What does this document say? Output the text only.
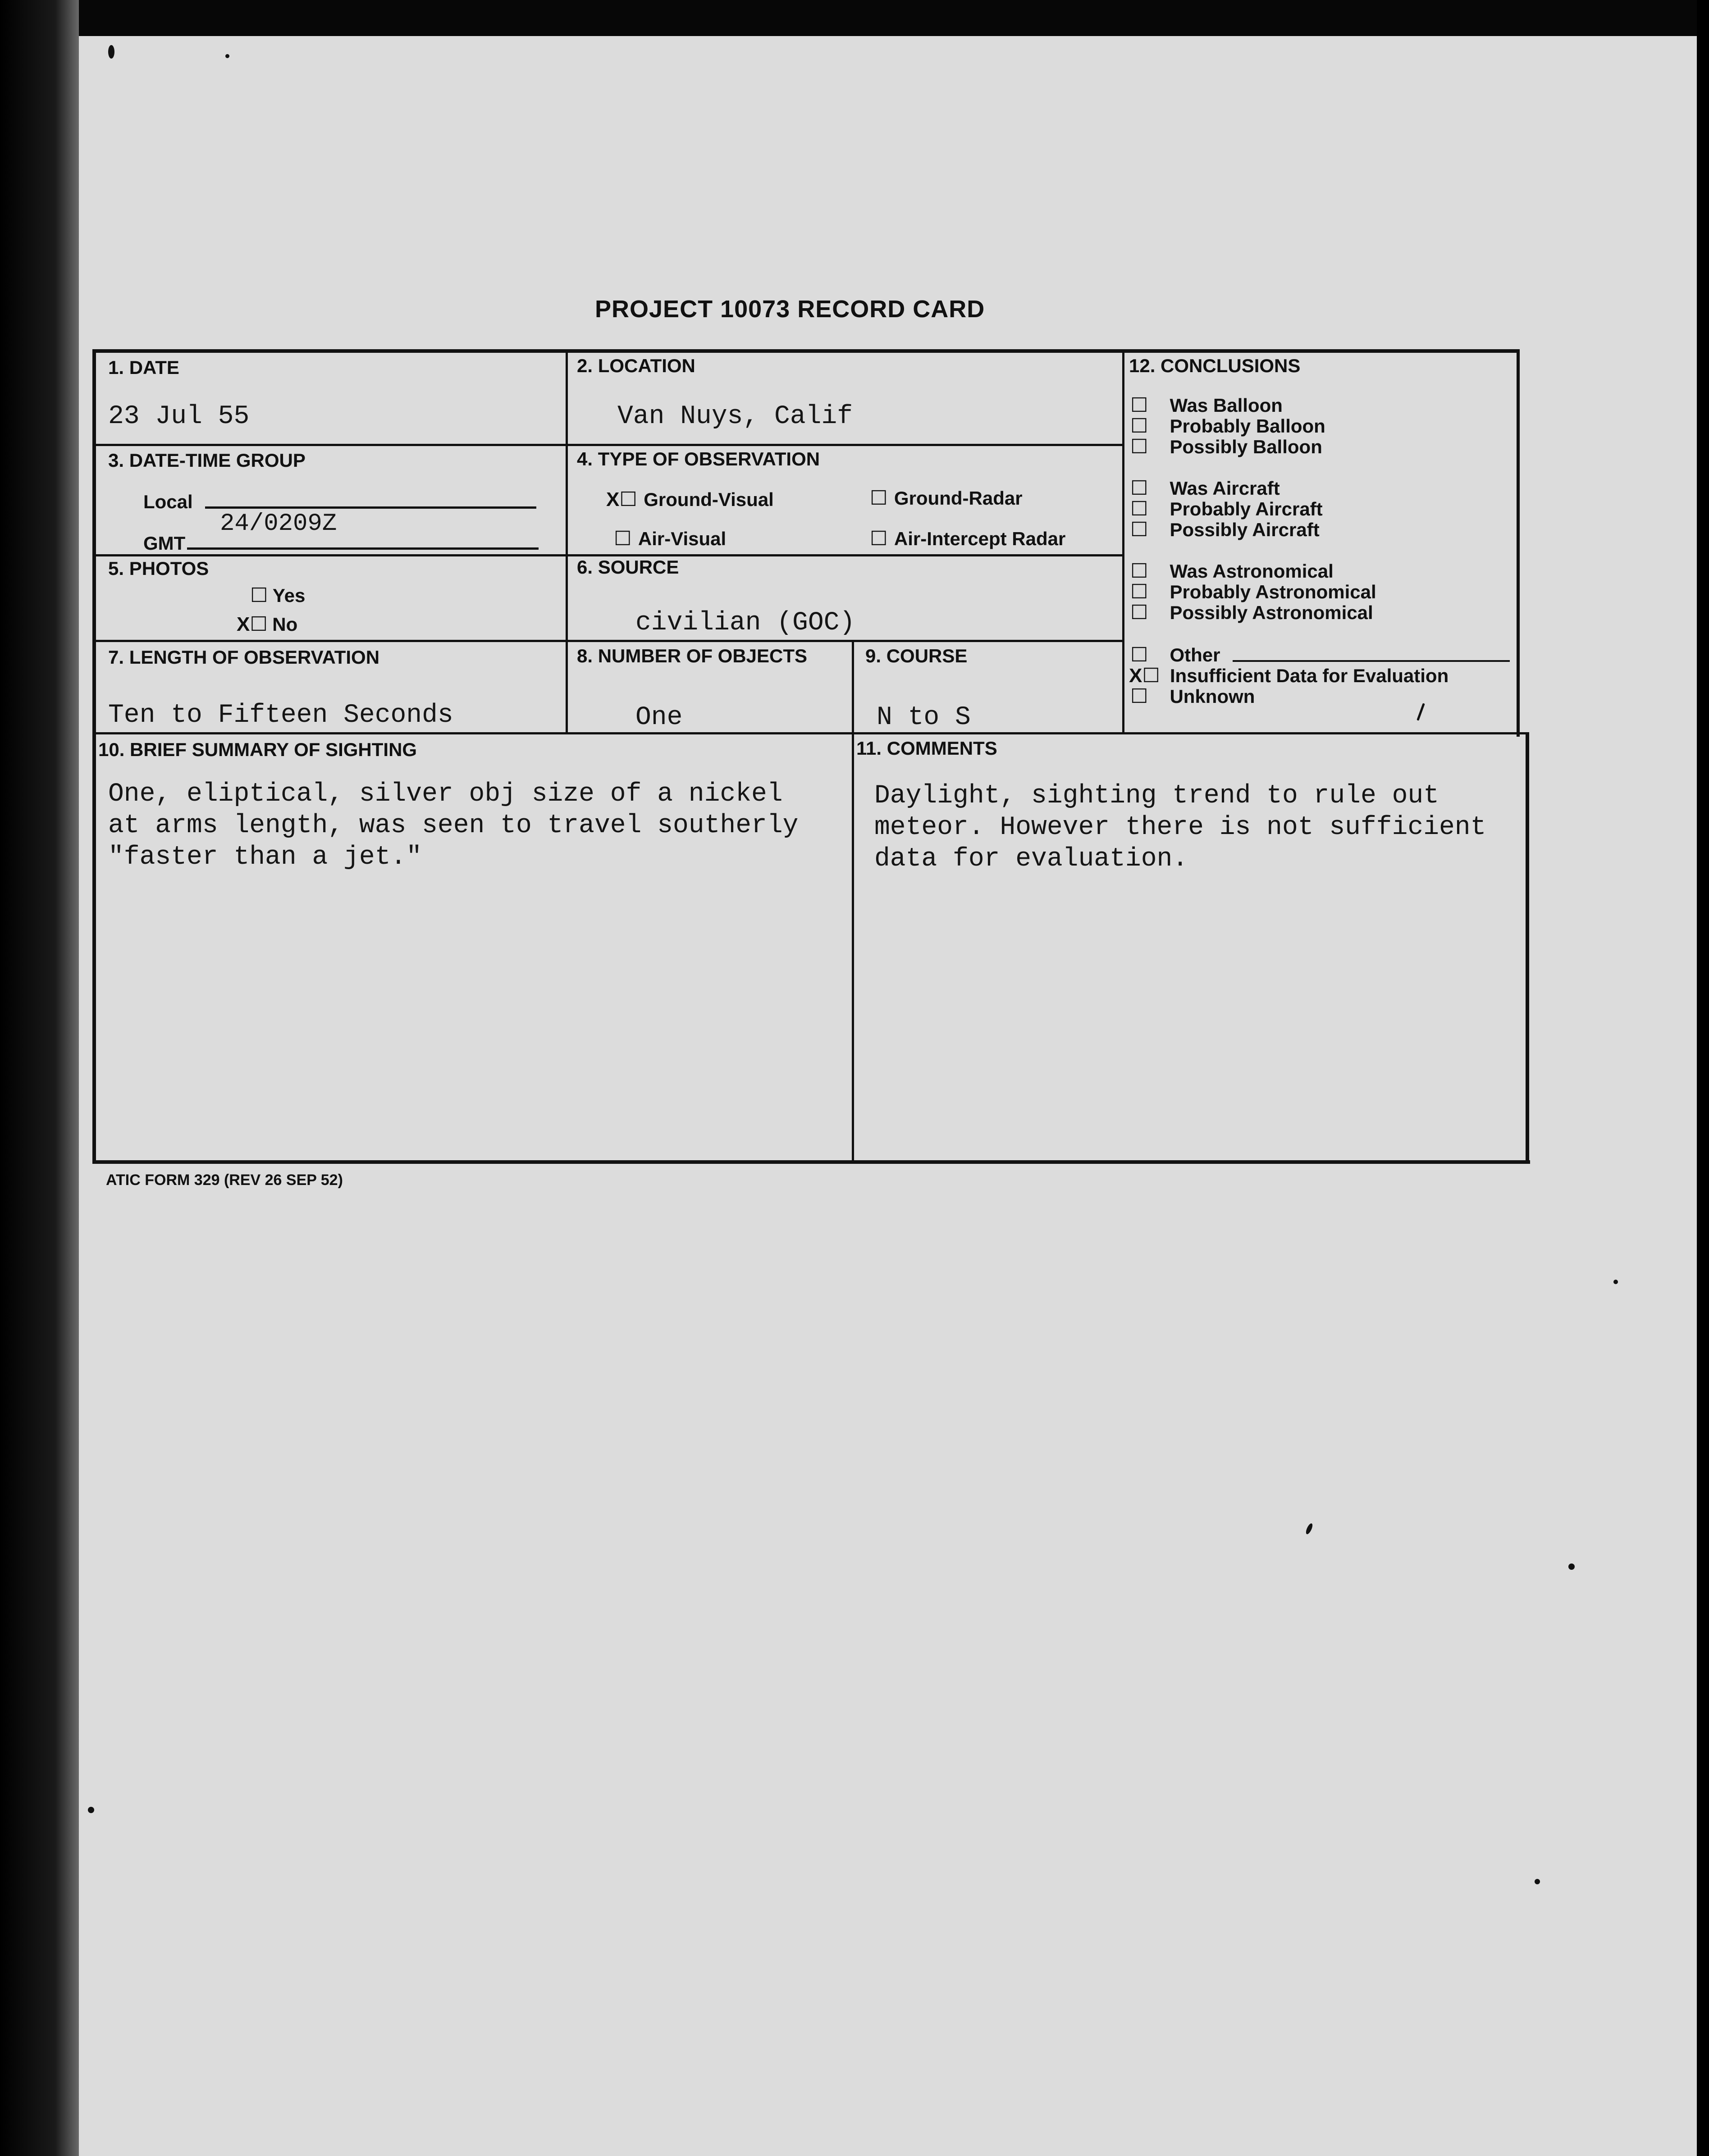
PROJECT 10073 RECORD CARD
1. DATE
23 Jul 55
2. LOCATION
Van Nuys, Calif
3. DATE-TIME GROUP
Local
GMT
24/0209Z
4. TYPE OF OBSERVATION
X☐ Ground-Visual	☐ Ground-Radar
☐ Air-Visual	☐ Air-Intercept Radar
5. PHOTOS
☐ Yes
X☐ No
6. SOURCE
civilian (GOC)
7. LENGTH OF OBSERVATION
Ten to Fifteen Seconds
8. NUMBER OF OBJECTS
One
9. COURSE
N to S
10. BRIEF SUMMARY OF SIGHTING
One, eliptical, silver obj size of a nickel
at arms length, was seen to travel southerly
"faster than a jet."
11. COMMENTS
Daylight, sighting trend to rule out
meteor. However there is not sufficient
data for evaluation.
12. CONCLUSIONS
☐ Was Balloon
☐ Probably Balloon
☐ Possibly Balloon
☐ Was Aircraft
☐ Probably Aircraft
☐ Possibly Aircraft
☐ Was Astronomical
☐ Probably Astronomical
☐ Possibly Astronomical
☐ Other
X☐ Insufficient Data for Evaluation
☐ Unknown
ATIC FORM 329 (REV 26 SEP 52)
